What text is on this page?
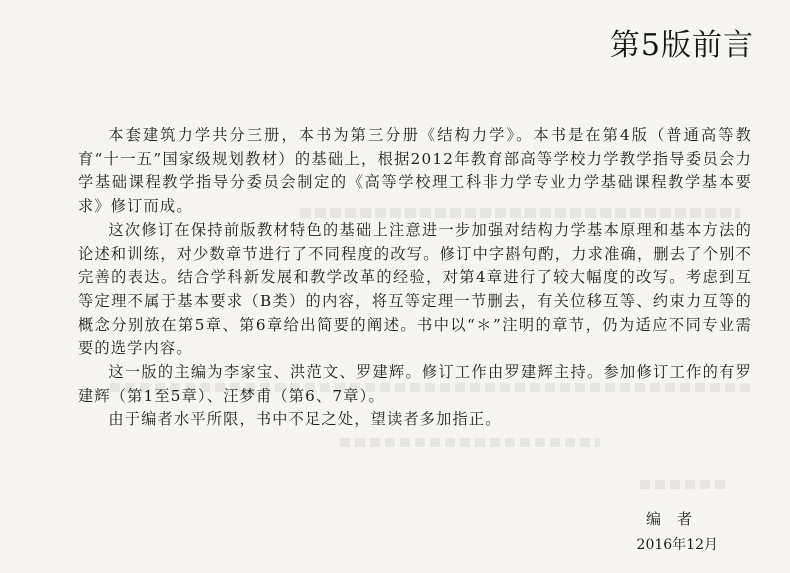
第5版前言

本套建筑力学共分三册，本书为第三分册《结构力学》。本书是在第4版（普通高等教育“十一五”国家级规划教材）的基础上，根据2012年教育部高等学校力学教学指导委员会力学基础课程教学指导分委员会制定的《高等学校理工科非力学专业力学基础课程教学基本要求》修订而成。

这次修订在保持前版教材特色的基础上注意进一步加强对结构力学基本原理和基本方法的论述和训练，对少数章节进行了不同程度的改写。修订中字斟句酌，力求准确，删去了个别不完善的表达。结合学科新发展和教学改革的经验，对第4章进行了较大幅度的改写。考虑到互等定理不属于基本要求（B类）的内容，将互等定理一节删去，有关位移互等、约束力互等的概念分别放在第5章、第6章给出简要的阐述。书中以“＊”注明的章节，仍为适应不同专业需要的选学内容。

这一版的主编为李家宝、洪范文、罗建辉。修订工作由罗建辉主持。参加修订工作的有罗建辉（第1至5章）、汪梦甫（第6、7章）。

由于编者水平所限，书中不足之处，望读者多加指正。

编者
2016年12月
